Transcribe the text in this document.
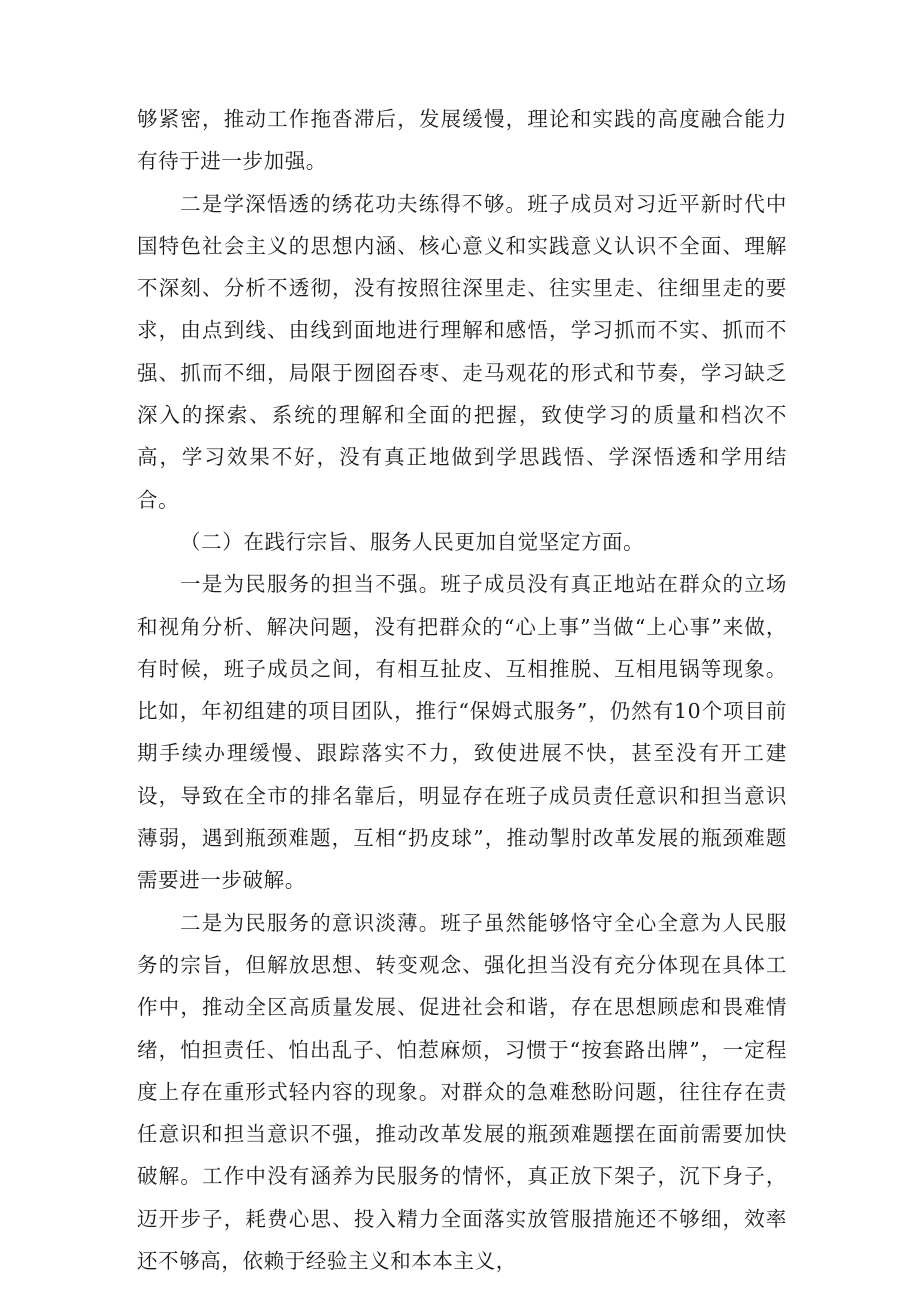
够紧密，推动工作拖沓滞后，发展缓慢，理论和实践的高度融合能力有待于进一步加强。

二是学深悟透的绣花功夫练得不够。班子成员对习近平新时代中国特色社会主义的思想内涵、核心意义和实践意义认识不全面、理解不深刻、分析不透彻，没有按照往深里走、往实里走、往细里走的要求，由点到线、由线到面地进行理解和感悟，学习抓而不实、抓而不强、抓而不细，局限于囫囵吞枣、走马观花的形式和节奏，学习缺乏深入的探索、系统的理解和全面的把握，致使学习的质量和档次不高，学习效果不好，没有真正地做到学思践悟、学深悟透和学用结合。

（二）在践行宗旨、服务人民更加自觉坚定方面。

一是为民服务的担当不强。班子成员没有真正地站在群众的立场和视角分析、解决问题，没有把群众的“心上事”当做“上心事”来做，有时候，班子成员之间，有相互扯皮、互相推脱、互相甩锅等现象。比如，年初组建的项目团队，推行“保姆式服务”，仍然有10个项目前期手续办理缓慢、跟踪落实不力，致使进展不快，甚至没有开工建设，导致在全市的排名靠后，明显存在班子成员责任意识和担当意识薄弱，遇到瓶颈难题，互相“扔皮球”，推动掣肘改革发展的瓶颈难题需要进一步破解。

二是为民服务的意识淡薄。班子虽然能够恪守全心全意为人民服务的宗旨，但解放思想、转变观念、强化担当没有充分体现在具体工作中，推动全区高质量发展、促进社会和谐，存在思想顾虑和畏难情绪，怕担责任、怕出乱子、怕惹麻烦，习惯于“按套路出牌”，一定程度上存在重形式轻内容的现象。对群众的急难愁盼问题，往往存在责任意识和担当意识不强，推动改革发展的瓶颈难题摆在面前需要加快破解。工作中没有涵养为民服务的情怀，真正放下架子，沉下身子，迈开步子，耗费心思、投入精力全面落实放管服措施还不够细，效率还不够高，依赖于经验主义和本本主义，
